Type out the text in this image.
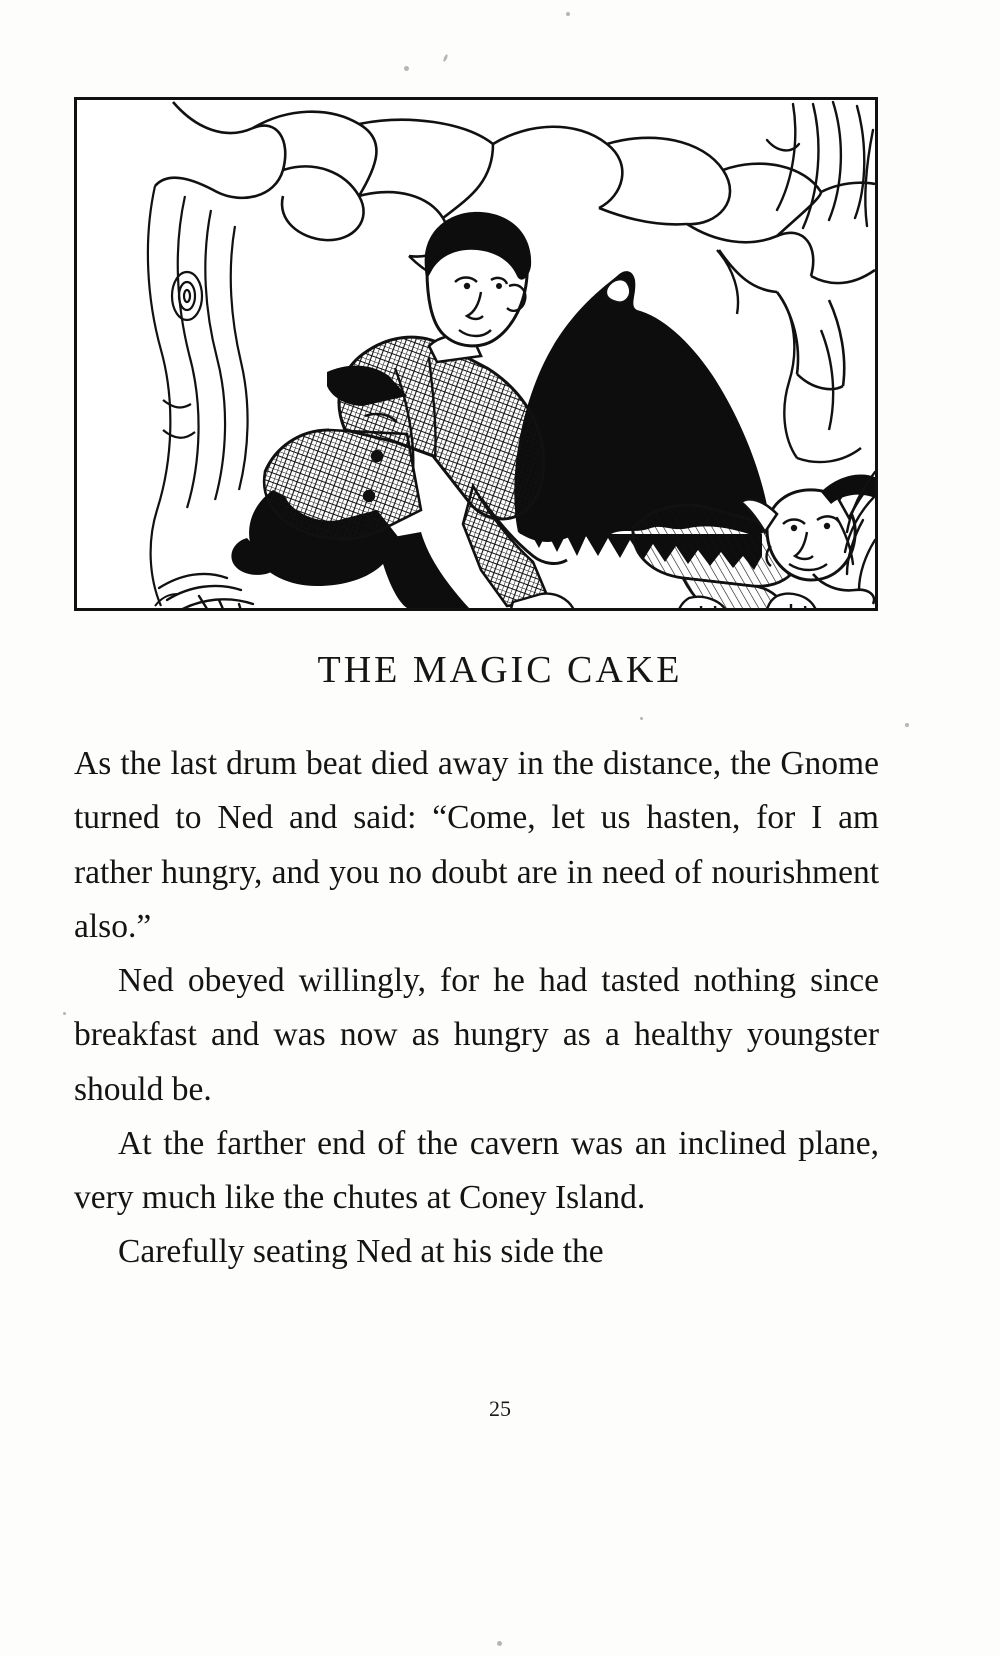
THE MAGIC CAKE

As the last drum beat died away in the distance, the Gnome turned to Ned and said: “Come, let us hasten, for I am rather hungry, and you no doubt are in need of nourishment also.”

Ned obeyed willingly, for he had tasted nothing since breakfast and was now as hungry as a healthy youngster should be.

At the farther end of the cavern was an inclined plane, very much like the chutes at Coney Island.

Carefully seating Ned at his side the

25
